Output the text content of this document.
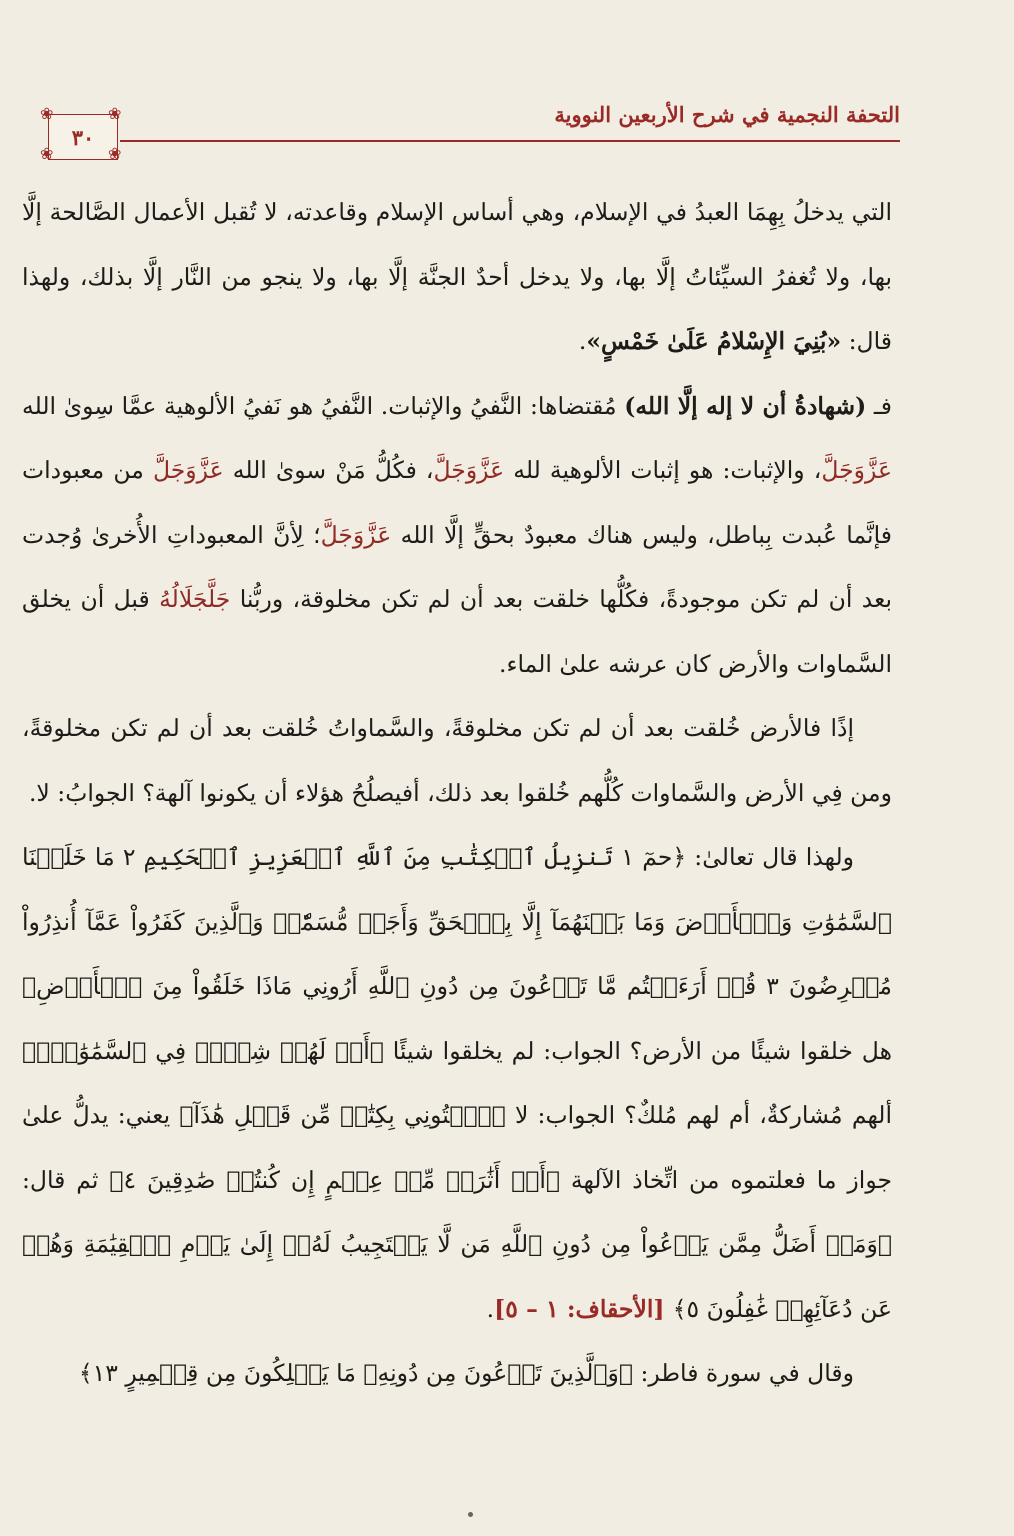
التحفة النجمية في شرح الأربعين النووية
٣٠
❀
❀
❀
❀

التي يدخلُ بِهِمَا العبدُ في الإسلام، وهي أساس الإسلام وقاعدته، لا تُقبل الأعمال الصَّالحة إلَّا بها، ولا تُغفرُ السيِّئاتُ إلَّا بها، ولا يدخل أحدٌ الجنَّة إلَّا بها، ولا ينجو من النَّار إلَّا بذلك، ولهذا قال: «بُنِيَ الإِسْلامُ عَلَىٰ خَمْسٍ».

فـ (شهادةُ أن لا إله إلَّا الله) مُقتضاها: النَّفيُ والإثبات. النَّفيُ هو نَفيُ الألوهية عمَّا سِوىٰ الله عَزَّوَجَلَّ، والإثبات: هو إثبات الألوهية لله عَزَّوَجَلَّ، فكُلُّ مَنْ سوىٰ الله عَزَّوَجَلَّ من معبودات فإنَّما عُبدت بِباطل، وليس هناك معبودٌ بحقٍّ إلَّا الله عَزَّوَجَلَّ؛ لِأنَّ المعبوداتِ الأُخرىٰ وُجدت بعد أن لم تكن موجودةً، فكُلُّها خلقت بعد أن لم تكن مخلوقة، وربُّنا جَلَّجَلَالُهُ قبل أن يخلق السَّماوات والأرض كان عرشه علىٰ الماء.

إذًا فالأرض خُلقت بعد أن لم تكن مخلوقةً، والسَّماواتُ خُلقت بعد أن لم تكن مخلوقةً، ومن فِي الأرض والسَّماوات كُلُّهم خُلقوا بعد ذلك، أفيصلُحُ هؤلاء أن يكونوا آلهة؟ الجوابُ: لا.

ولهذا قال تعالىٰ: ﴿حمٓ ١ تَنزِيلُ ٱلۡكِتَٰبِ مِنَ ٱللَّهِ ٱلۡعَزِيزِ ٱلۡحَكِيمِ ٢ مَا خَلَقۡنَا ٱلسَّمَٰوَٰتِ وَٱلۡأَرۡضَ وَمَا بَيۡنَهُمَآ إِلَّا بِٱلۡحَقِّ وَأَجَلٖ مُّسَمّٗىۚ وَٱلَّذِينَ كَفَرُواْ عَمَّآ أُنذِرُواْ مُعۡرِضُونَ ٣ قُلۡ أَرَءَيۡتُم مَّا تَدۡعُونَ مِن دُونِ ٱللَّهِ أَرُونِي مَاذَا خَلَقُواْ مِنَ ٱلۡأَرۡضِ﴾ هل خلقوا شيئًا من الأرض؟ الجواب: لم يخلقوا شيئًا ﴿أَمۡ لَهُمۡ شِرۡكٞ فِي ٱلسَّمَٰوَٰتِۖ﴾ ألهم مُشاركةٌ، أم لهم مُلكٌ؟ الجواب: لا ﴿ٱئۡتُونِي بِكِتَٰبٖ مِّن قَبۡلِ هَٰذَآ﴾ يعني: يدلُّ علىٰ جواز ما فعلتموه من اتِّخاذ الآلهة ﴿أَوۡ أَثَٰرَةٖ مِّنۡ عِلۡمٍ إِن كُنتُمۡ صَٰدِقِينَ ٤﴾ ثم قال: ﴿وَمَنۡ أَضَلُّ مِمَّن يَدۡعُواْ مِن دُونِ ٱللَّهِ مَن لَّا يَسۡتَجِيبُ لَهُۥٓ إِلَىٰ يَوۡمِ ٱلۡقِيَٰمَةِ وَهُمۡ عَن دُعَآئِهِمۡ غَٰفِلُونَ ٥﴾ [الأحقاف: ١ – ٥].

وقال في سورة فاطر: ﴿وَٱلَّذِينَ تَدۡعُونَ مِن دُونِهِۦ مَا يَمۡلِكُونَ مِن قِطۡمِيرٍ ١٣﴾
